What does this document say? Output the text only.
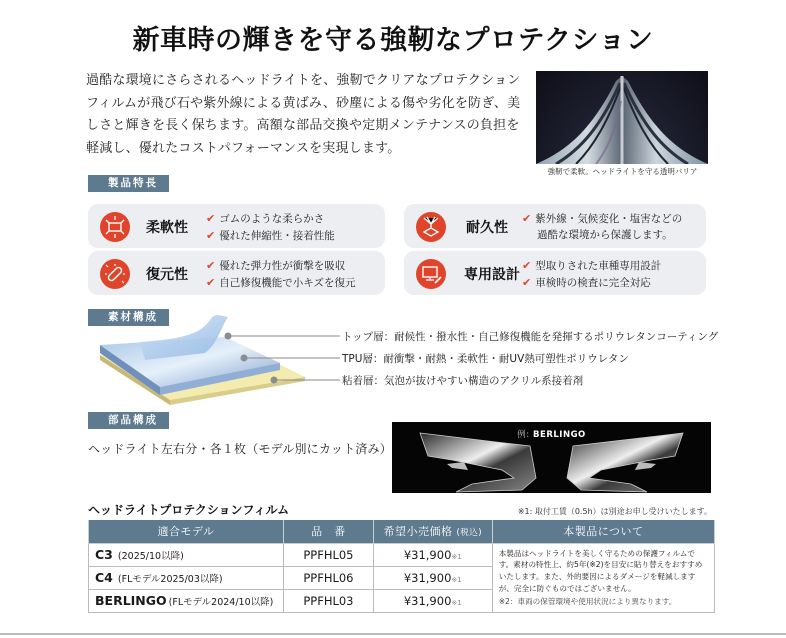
新車時の輝きを守る強靭なプロテクション
過酷な環境にさらされるヘッドライトを、強靭でクリアなプロテクションフィルムが飛び石や紫外線による黄ばみ、砂塵による傷や劣化を防ぎ、美しさと輝きを長く保ちます。高額な部品交換や定期メンテナンスの負担を軽減し、優れたコストパフォーマンスを実現します。
強靭で柔軟。ヘッドライトを守る透明バリア
製品特長
柔軟性
✔ ゴムのような柔らかさ
✔ 優れた伸縮性・接着性能	耐久性
✔ 紫外線・気候変化・塩害などの
過酷な環境から保護します。
復元性
✔ 優れた弾力性が衝撃を吸収
✔ 自己修復機能で小キズを復元	専用設計
✔ 型取りされた車種専用設計
✔ 車検時の検査に完全対応
素材構成
トップ層：耐候性・撥水性・自己修復機能を発揮するポリウレタンコーティング
TPU層：耐衝撃・耐熱・柔軟性・耐UV熱可塑性ポリウレタン
粘着層：気泡が抜けやすい構造のアクリル系接着剤
部品構成
ヘッドライト左右分・各１枚（モデル別にカット済み）
例: BERLINGO
ヘッドライトプロテクションフィルム	※1: 取付工賃（0.5h）は別途お申し受けいたします。
適合モデル	品　番	希望小売価格 (税込)	本製品について
C3 (2025/10以降)	PPFHL05	¥31,900※1	本製品はヘッドライトを美しく守るための保護フィルムです。素材の特性上、約5年(※2)を目安に貼り替えをおすすめいたします。また、外的要因によるダメージを軽減しますが、完全に防ぐものではございません。
※2：車両の保管環境や使用状況により異なります。

C4 (FLモデル2025/03以降)	PPFHL06	¥31,900※1	
BERLINGO (FLモデル2024/10以降)	PPFHL03	¥31,900※1	
